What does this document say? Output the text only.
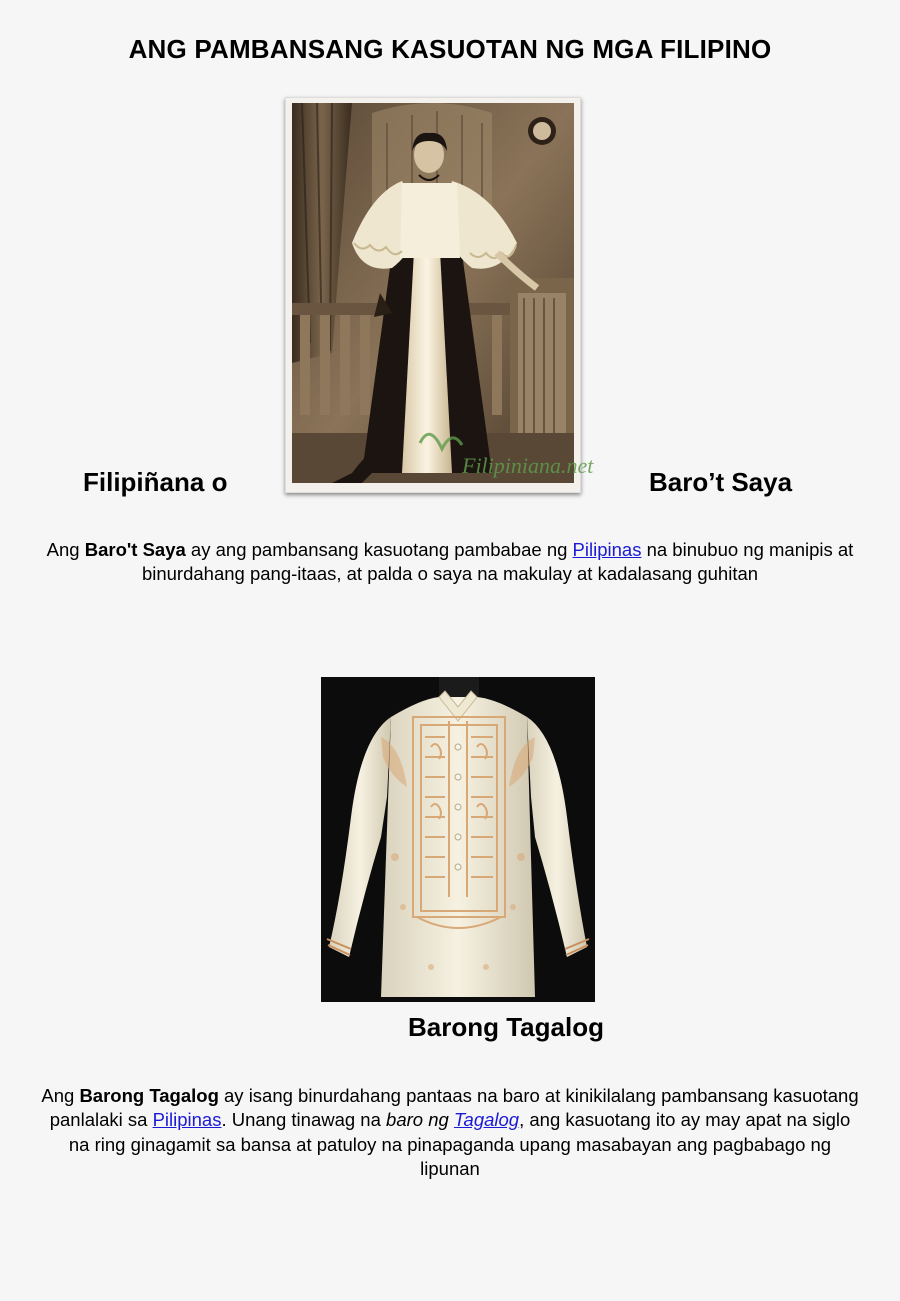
ANG PAMBANSANG KASUOTAN NG MGA FILIPINO
Filipiniana.net
Filipiñana o	Baro’t Saya

Ang Baro't Saya ay ang pambansang kasuotang pambabae ng Pilipinas na binubuo ng manipis at binurdahang pang-itaas, at palda o saya na makulay at kadalasang guhitan

Barong Tagalog

Ang Barong Tagalog ay isang binurdahang pantaas na baro at kinikilalang pambansang kasuotang panlalaki sa Pilipinas. Unang tinawag na baro ng Tagalog, ang kasuotang ito ay may apat na siglo na ring ginagamit sa bansa at patuloy na pinapaganda upang masabayan ang pagbabago ng lipunan
